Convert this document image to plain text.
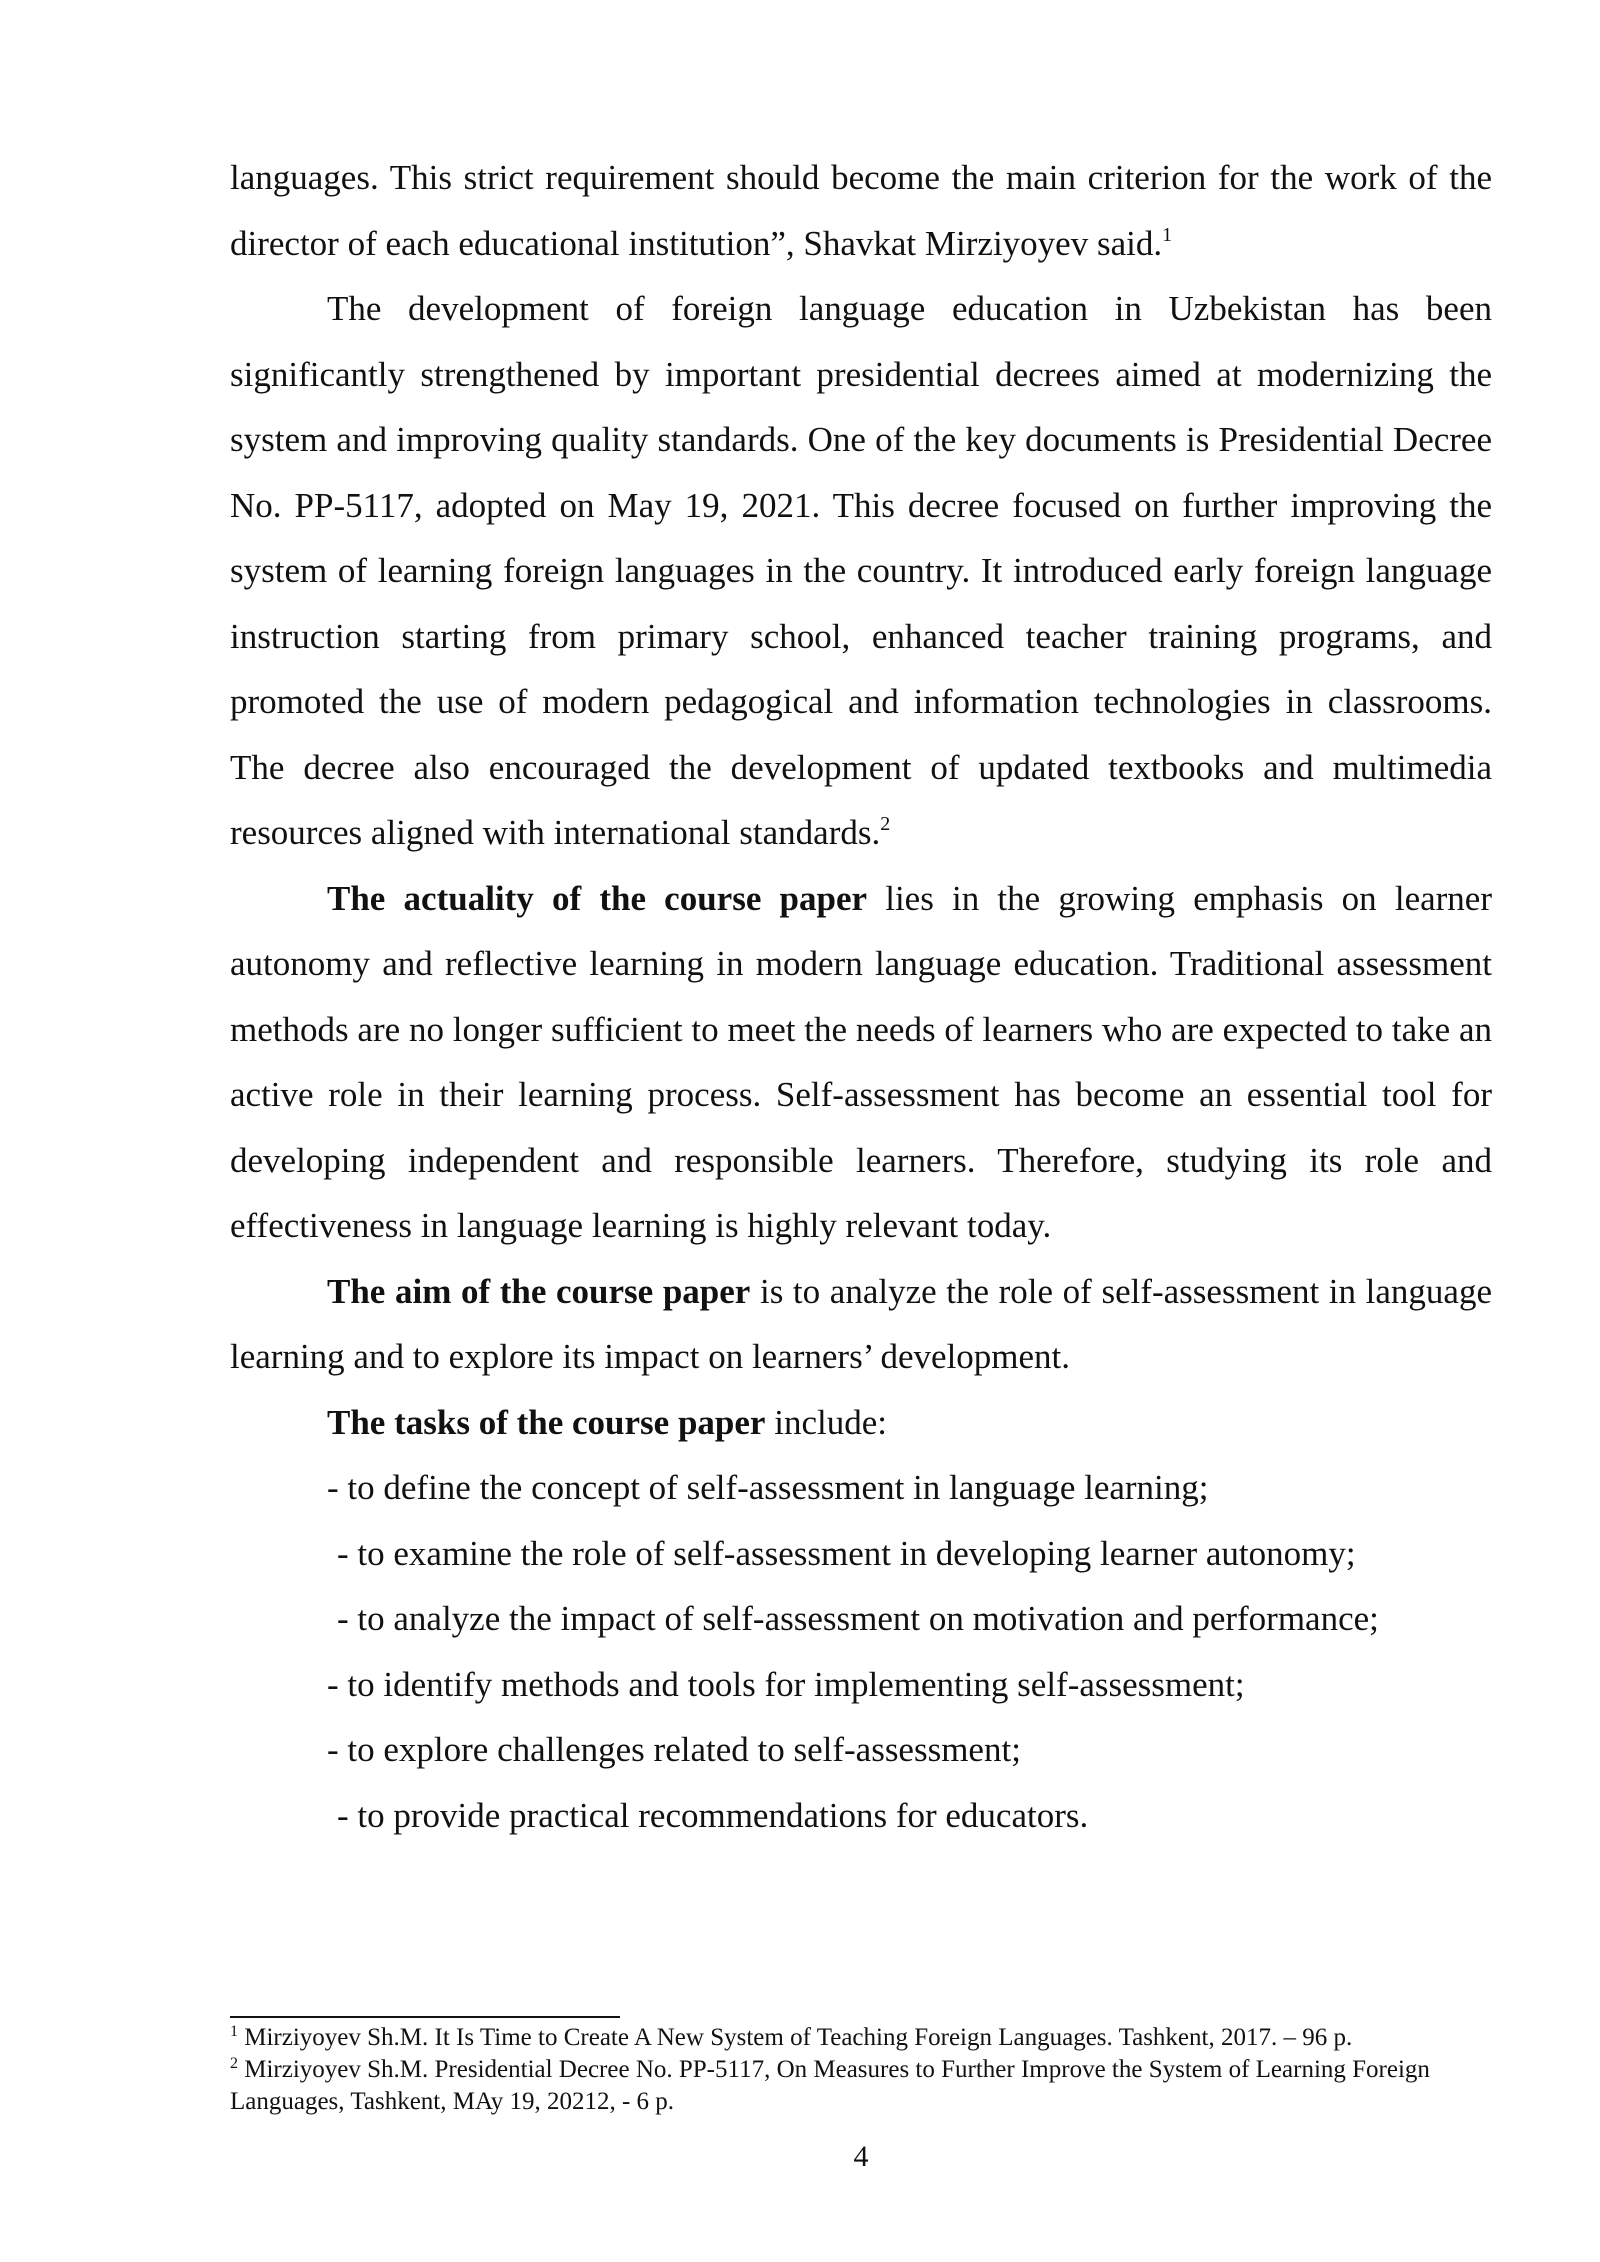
languages. This strict requirement should become the main criterion for the work of the director of each educational institution”, Shavkat Mirziyoyev said.$^1$

The development of foreign language education in Uzbekistan has been significantly strengthened by important presidential decrees aimed at modernizing the system and improving quality standards. One of the key documents is Presidential Decree No. PP-5117, adopted on May 19, 2021. This decree focused on further improving the system of learning foreign languages in the country. It introduced early foreign language instruction starting from primary school, enhanced teacher training programs, and promoted the use of modern pedagogical and information technologies in classrooms. The decree also encouraged the development of updated textbooks and multimedia resources aligned with international standards.$^2$

The actuality of the course paper lies in the growing emphasis on learner autonomy and reflective learning in modern language education. Traditional assessment methods are no longer sufficient to meet the needs of learners who are expected to take an active role in their learning process. Self-assessment has become an essential tool for developing independent and responsible learners. Therefore, studying its role and effectiveness in language learning is highly relevant today.

The aim of the course paper is to analyze the role of self-assessment in language learning and to explore its impact on learners’ development.

The tasks of the course paper include:

- to define the concept of self-assessment in language learning;

- to examine the role of self-assessment in developing learner autonomy;

- to analyze the impact of self-assessment on motivation and performance;

- to identify methods and tools for implementing self-assessment;

- to explore challenges related to self-assessment;

- to provide practical recommendations for educators.

$^1$ Mirziyoyev Sh.M. It Is Time to Create A New System of Teaching Foreign Languages. Tashkent, 2017. – 96 p.

$^2$ Mirziyoyev Sh.M. Presidential Decree No. PP-5117, On Measures to Further Improve the System of Learning Foreign Languages, Tashkent, MAy 19, 20212, - 6 p.

4
